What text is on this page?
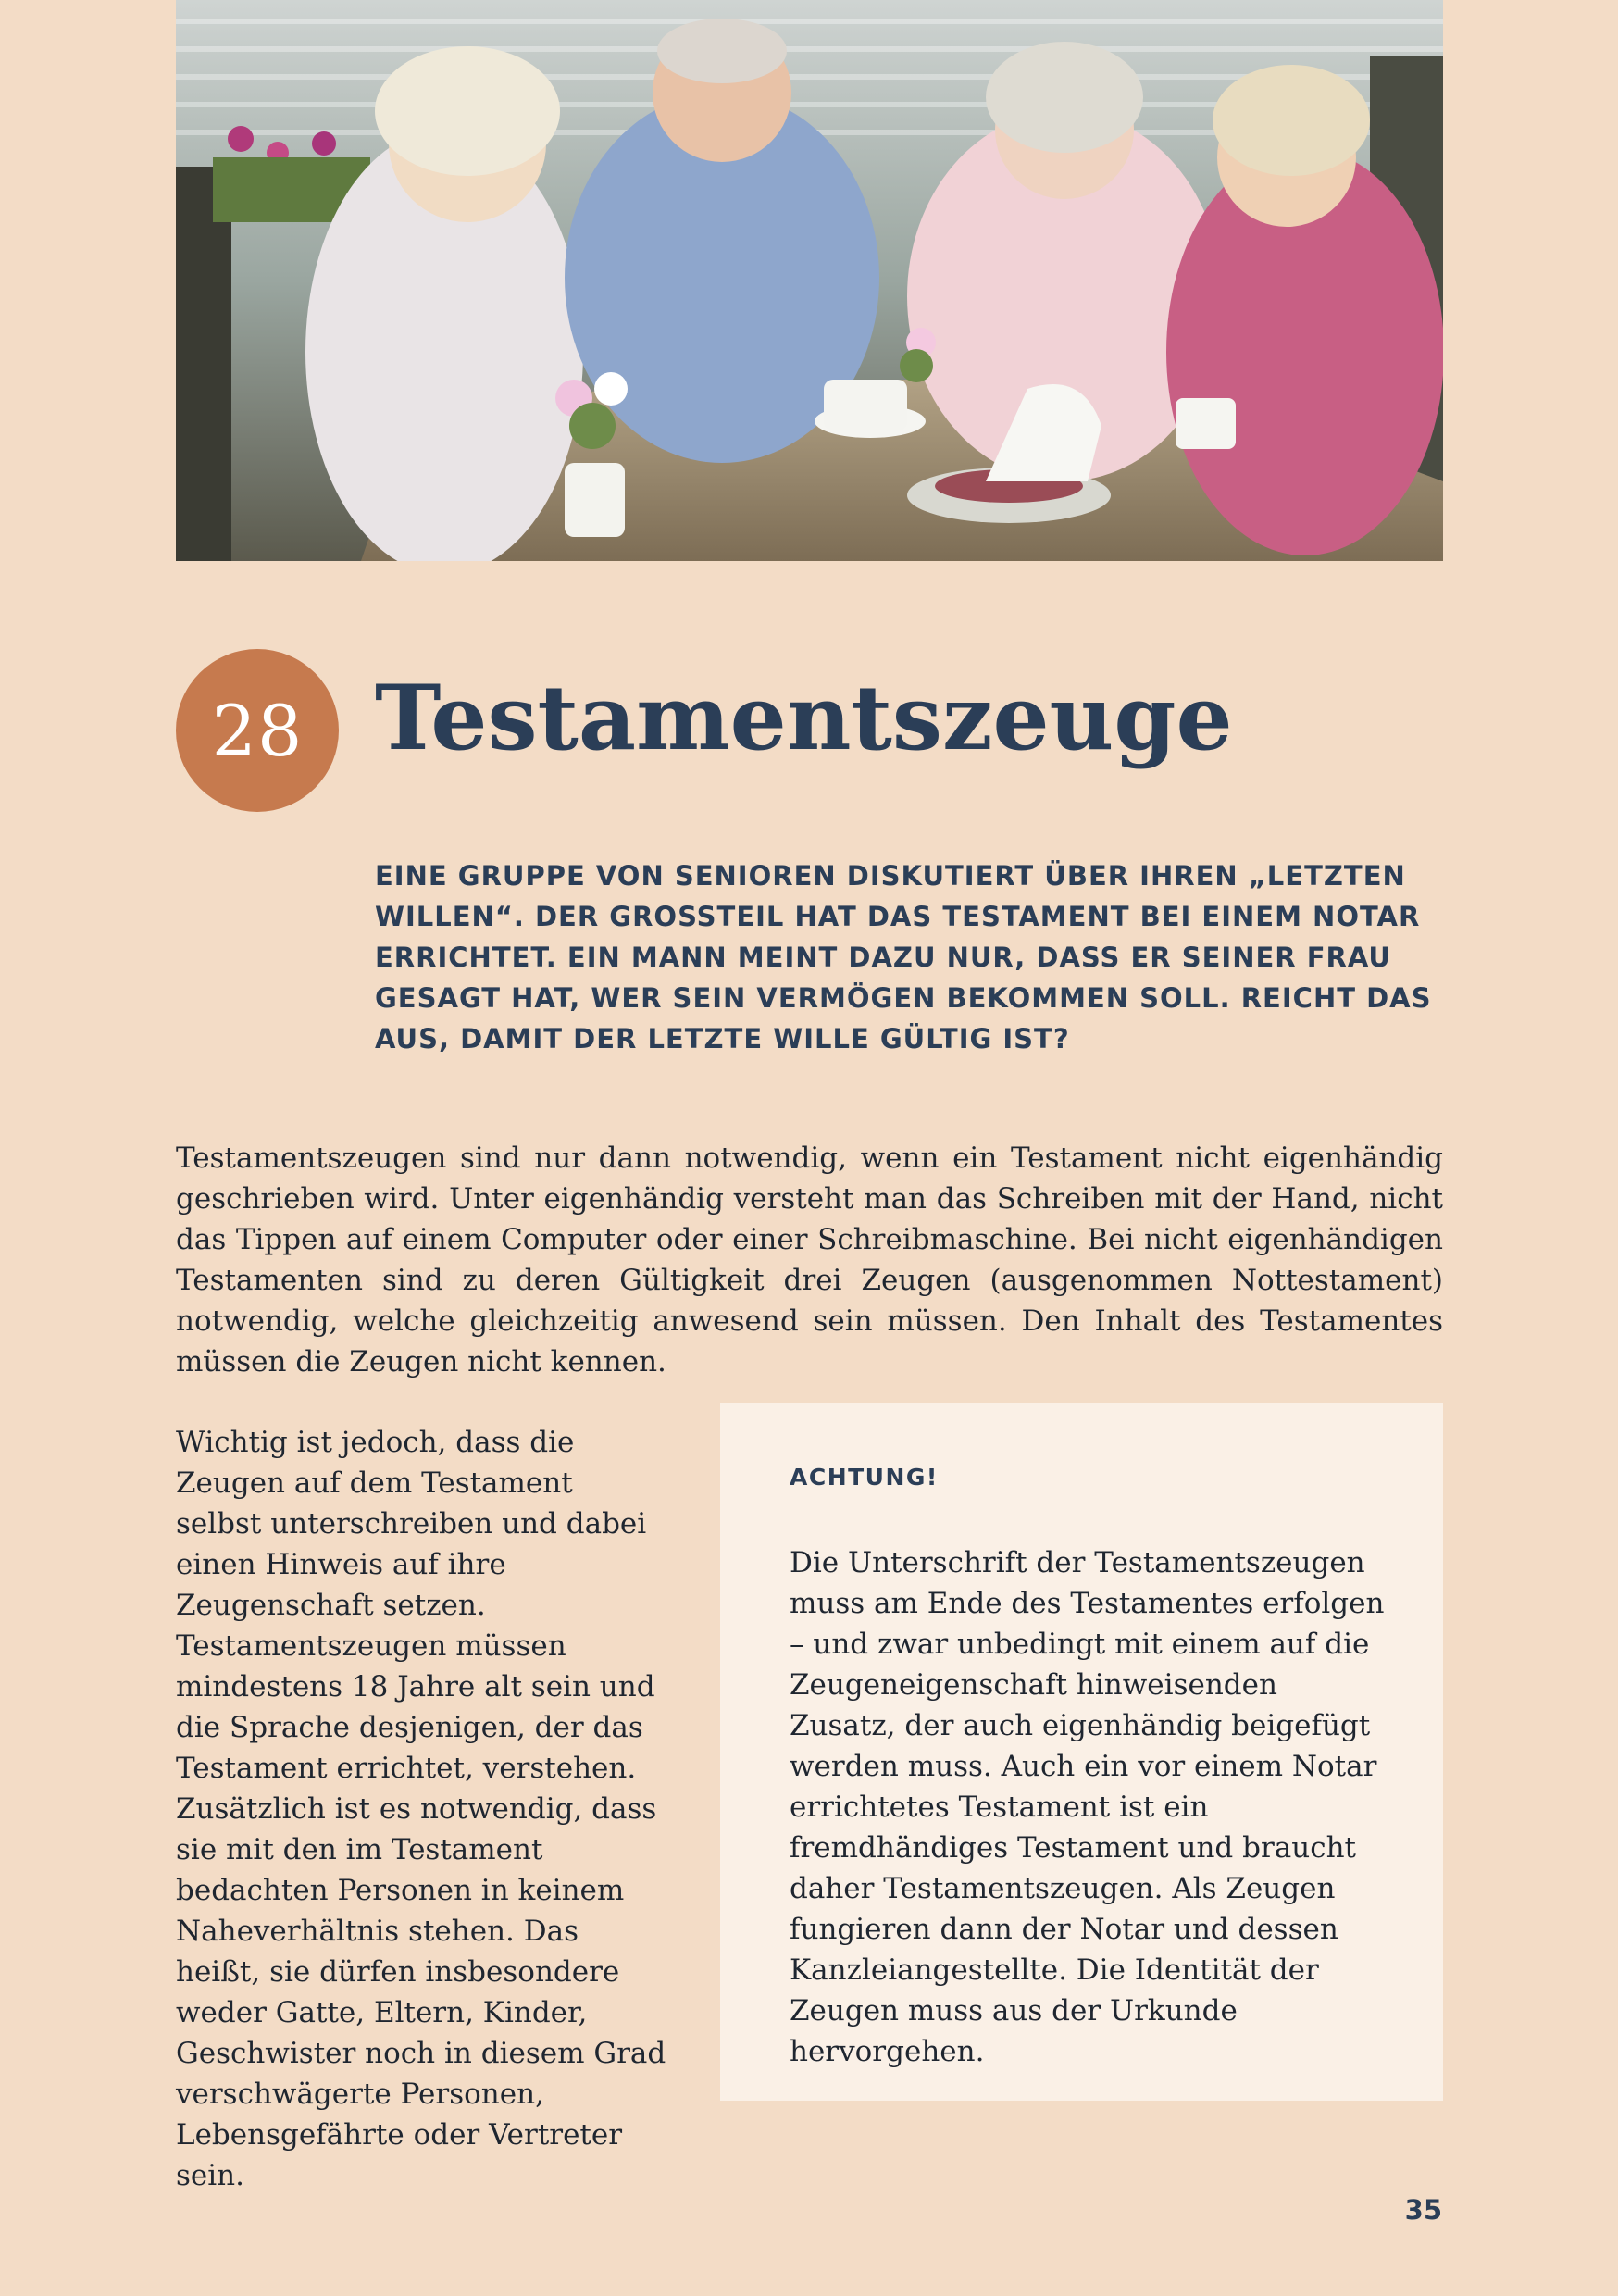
28 Testamentszeuge

EINE GRUPPE VON SENIOREN DISKUTIERT ÜBER IHREN „LETZTEN WILLEN“. DER GROSSTEIL HAT DAS TESTAMENT BEI EINEM NOTAR ERRICHTET. EIN MANN MEINT DAZU NUR, DASS ER SEINER FRAU GESAGT HAT, WER SEIN VERMÖGEN BEKOMMEN SOLL. REICHT DAS AUS, DAMIT DER LETZTE WILLE GÜLTIG IST?

Testamentszeugen sind nur dann notwendig, wenn ein Testament nicht eigenhändig geschrieben wird. Unter eigenhändig versteht man das Schreiben mit der Hand, nicht das Tippen auf einem Computer oder einer Schreibmaschine. Bei nicht eigenhändigen Testamenten sind zu deren Gültigkeit drei Zeugen (ausgenommen Nottestament) notwendig, welche gleichzeitig anwesend sein müssen. Den Inhalt des Testamentes müssen die Zeugen nicht kennen.

Wichtig ist jedoch, dass die Zeugen auf dem Testament selbst unterschreiben und dabei einen Hinweis auf ihre Zeugenschaft setzen. Testamentszeugen müssen mindestens 18 Jahre alt sein und die Sprache desjenigen, der das Testament errichtet, verstehen. Zusätzlich ist es notwendig, dass sie mit den im Testament bedachten Personen in keinem Naheverhältnis stehen. Das heißt, sie dürfen insbesondere weder Gatte, Eltern, Kinder, Geschwister noch in diesem Grad verschwägerte Personen, Lebensgefährte oder Vertreter sein.

ACHTUNG!

Die Unterschrift der Testamentszeugen muss am Ende des Testamentes erfolgen – und zwar unbedingt mit einem auf die Zeugeneigenschaft hinweisenden Zusatz, der auch eigenhändig beigefügt werden muss. Auch ein vor einem Notar errichtetes Testament ist ein fremdhändiges Testament und braucht daher Testamentszeugen. Als Zeugen fungieren dann der Notar und dessen Kanzleiangestellte. Die Identität der Zeugen muss aus der Urkunde hervorgehen.

35
